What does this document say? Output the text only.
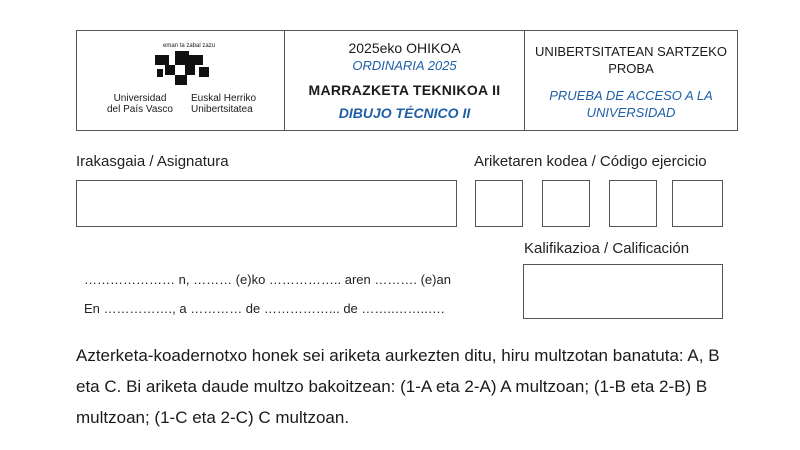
eman ta zabal zazu
Universidad
del País Vasco
Euskal Herriko
Unibertsitatea
2025eko OHIKOA
ORDINARIA 2025
MARRAZKETA TEKNIKOA II
DIBUJO TÉCNICO II
UNIBERTSITATEAN SARTZEKO PROBA
PRUEBA DE ACCESO A LA UNIVERSIDAD
Irakasgaia / Asignatura	Ariketaren kodea / Código ejercicio
Kalifikazioa / Calificación
………………… n, ……… (e)ko …………….. aren ………. (e)an
En ……………., a ………… de ……………... de ……..……..….
Azterketa-koadernotxo honek sei ariketa aurkezten ditu, hiru multzotan banatuta: A, B eta C. Bi ariketa daude multzo bakoitzean: (1-A eta 2-A) A multzoan; (1-B eta 2-B) B multzoan; (1-C eta 2-C) C multzoan.
